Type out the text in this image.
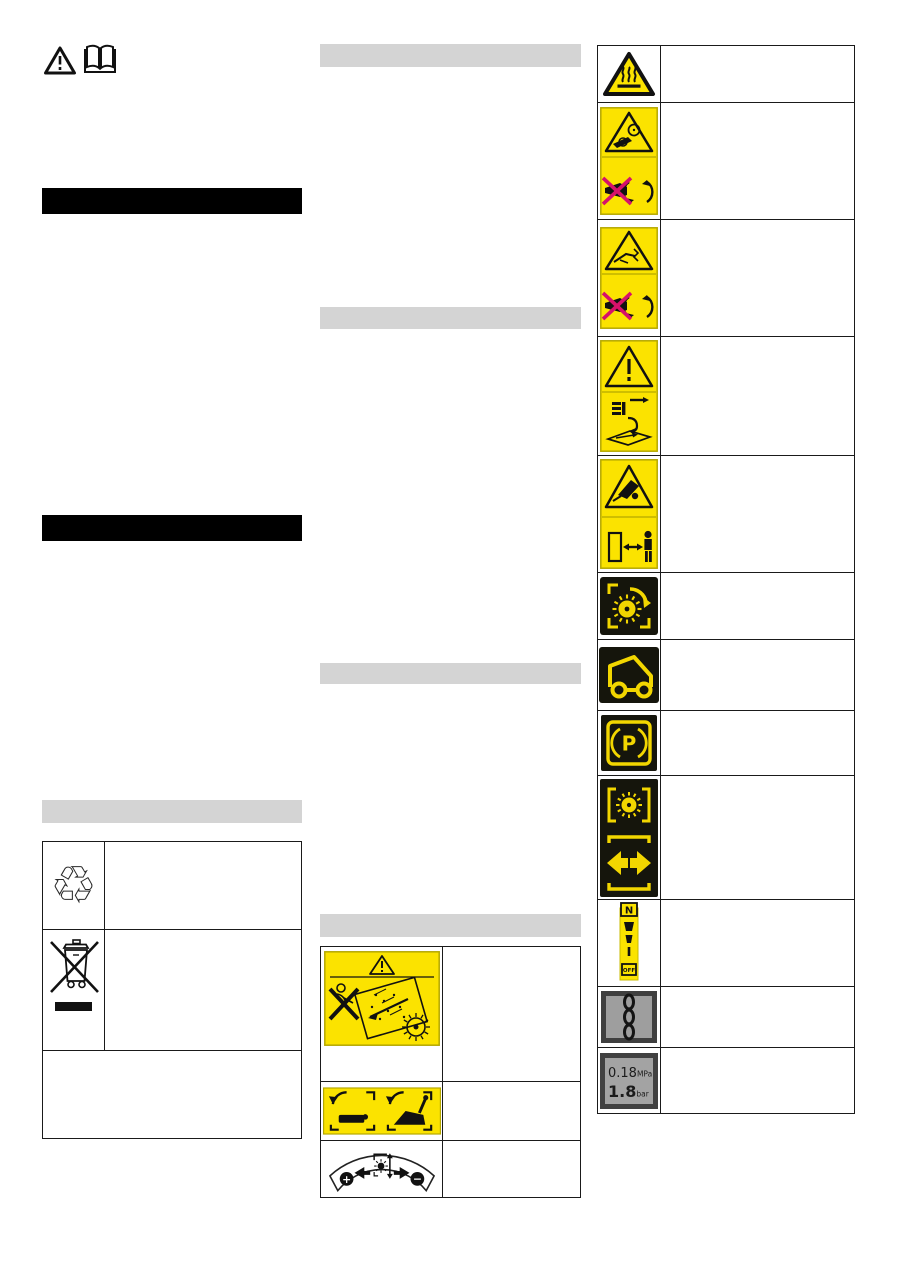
♲
+	−
P
N
OFF
0.18MPa
1.8bar
